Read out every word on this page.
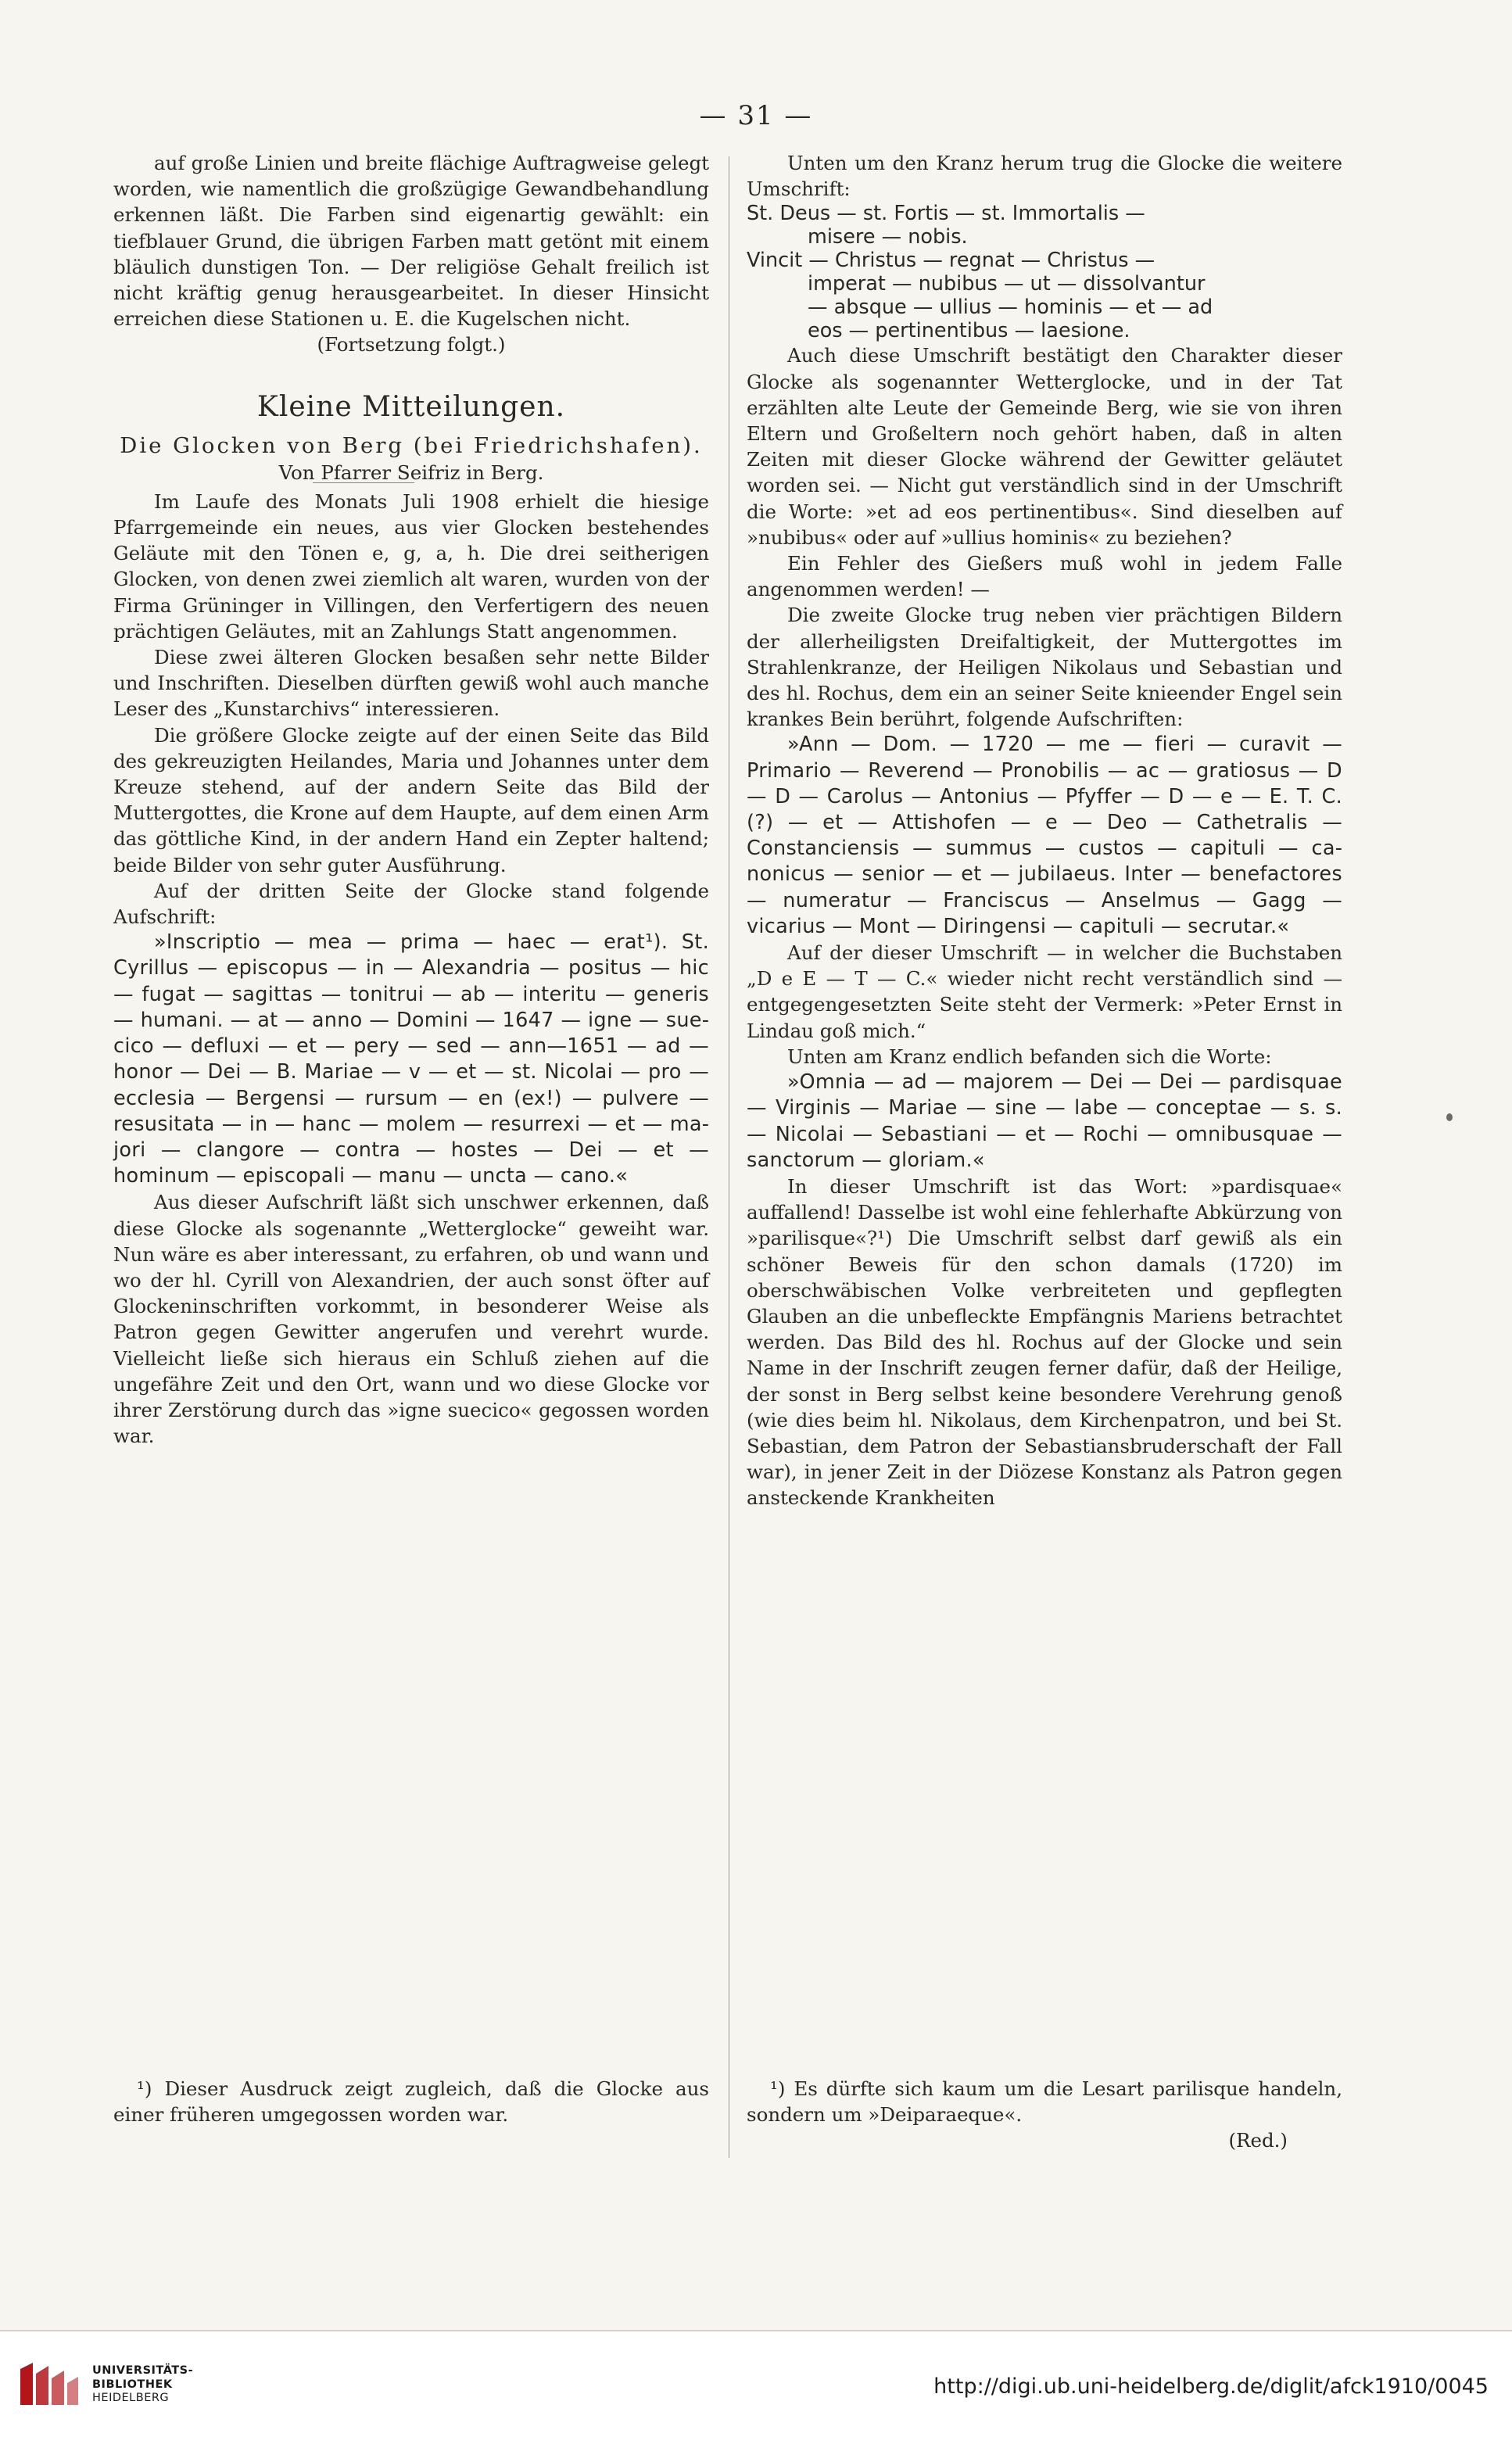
— 31 —

auf große Linien und breite flächige Auftragweise gelegt worden, wie namentlich die großzügige Gewandbehandlung erkennen läßt. Die Farben sind eigenartig gewählt: ein tiefblauer Grund, die übrigen Farben matt getönt mit einem bläulich dunstigen Ton. — Der religiöse Gehalt freilich ist nicht kräftig genug herausgearbeitet. In dieser Hinsicht erreichen diese Stationen u. E. die Kugelschen nicht.

(Fortsetzung folgt.)

Kleine Mitteilungen.

Die Glocken von Berg (bei Friedrichshafen).

Von Pfarrer Seifriz in Berg.

Im Laufe des Monats Juli 1908 erhielt die hiesige Pfarrgemeinde ein neues, aus vier Glocken bestehendes Geläute mit den Tönen e, g, a, h. Die drei seitherigen Glocken, von denen zwei ziemlich alt waren, wurden von der Firma Grüninger in Villingen, den Verfertigern des neuen prächtigen Geläutes, mit an Zahlungs Statt angenommen.

Diese zwei älteren Glocken besaßen sehr nette Bilder und Inschriften. Dieselben dürften gewiß wohl auch manche Leser des „Kunstarchivs“ interessieren.

Die größere Glocke zeigte auf der einen Seite das Bild des gekreuzigten Heilandes, Maria und Johannes unter dem Kreuze stehend, auf der andern Seite das Bild der Muttergottes, die Krone auf dem Haupte, auf dem einen Arm das göttliche Kind, in der andern Hand ein Zepter haltend; beide Bilder von sehr guter Ausführung.

Auf der dritten Seite der Glocke stand folgende Aufschrift:

»Inscriptio — mea — prima — haec — erat¹). St. Cyrillus — episcopus — in — Alexandria — positus — hic — fugat — sagittas — tonitrui — ab — interitu — generis — humani. — at — anno — Domini — 1647 — igne — suecico — defluxi — et — pery — sed — ann—1651 — ad — honor — Dei — B. Mariae — v — et — st. Nicolai — pro — ecclesia — Bergensi — rursum — en (ex!) — pulvere — resusitata — in — hanc — molem — resurrexi — et — majori — clangore — contra — hostes — Dei — et — hominum — episcopali — manu — uncta — cano.«

Aus dieser Aufschrift läßt sich unschwer erkennen, daß diese Glocke als sogenannte „Wetterglocke“ geweiht war. Nun wäre es aber interessant, zu erfahren, ob und wann und wo der hl. Cyrill von Alexandrien, der auch sonst öfter auf Glockeninschriften vorkommt, in besonderer Weise als Patron gegen Gewitter angerufen und verehrt wurde. Vielleicht ließe sich hieraus ein Schluß ziehen auf die ungefähre Zeit und den Ort, wann und wo diese Glocke vor ihrer Zerstörung durch das »igne suecico« gegossen worden war.

¹) Dieser Ausdruck zeigt zugleich, daß die Glocke aus einer früheren umgegossen worden war.

Unten um den Kranz herum trug die Glocke die weitere Umschrift:

St. Deus — st. Fortis — st. Immortalis —
misere — nobis.
Vincit — Christus — regnat — Christus —
imperat — nubibus — ut — dissolvantur
— absque — ullius — hominis — et — ad
eos — pertinentibus — laesione.

Auch diese Umschrift bestätigt den Charakter dieser Glocke als sogenannter Wetterglocke, und in der Tat erzählten alte Leute der Gemeinde Berg, wie sie von ihren Eltern und Großeltern noch gehört haben, daß in alten Zeiten mit dieser Glocke während der Gewitter geläutet worden sei. — Nicht gut verständlich sind in der Umschrift die Worte: »et ad eos pertinentibus«. Sind dieselben auf »nubibus« oder auf »ullius hominis« zu beziehen?

Ein Fehler des Gießers muß wohl in jedem Falle angenommen werden! —

Die zweite Glocke trug neben vier prächtigen Bildern der allerheiligsten Dreifaltigkeit, der Muttergottes im Strahlenkranze, der Heiligen Nikolaus und Sebastian und des hl. Rochus, dem ein an seiner Seite knieender Engel sein krankes Bein berührt, folgende Aufschriften:

»Ann — Dom. — 1720 — me — fieri — curavit — Primario — Reverend — Pronobilis — ac — gratiosus — D — D — Carolus — Antonius — Pfyffer — D — e — E. T. C. (?) — et — Attishofen — e — Deo — Cathetralis — Constanciensis — summus — custos — capituli — canonicus — senior — et — jubilaeus. Inter — benefactores — numeratur — Franciscus — Anselmus — Gagg — vicarius — Mont — Diringensi — capituli — secrutar.«

Auf der dieser Umschrift — in welcher die Buchstaben „D e E — T — C.« wieder nicht recht verständlich sind — entgegengesetzten Seite steht der Vermerk: »Peter Ernst in Lindau goß mich.“

Unten am Kranz endlich befanden sich die Worte:

»Omnia — ad — majorem — Dei — Dei — pardisquae — Virginis — Mariae — sine — labe — conceptae — s. s. — Nicolai — Sebastiani — et — Rochi — omnibusquae — sanctorum — gloriam.«

In dieser Umschrift ist das Wort: »pardisquae« auffallend! Dasselbe ist wohl eine fehlerhafte Abkürzung von »parilisque«?¹) Die Umschrift selbst darf gewiß als ein schöner Beweis für den schon damals (1720) im oberschwäbischen Volke verbreiteten und gepflegten Glauben an die unbefleckte Empfängnis Mariens betrachtet werden. Das Bild des hl. Rochus auf der Glocke und sein Name in der Inschrift zeugen ferner dafür, daß der Heilige, der sonst in Berg selbst keine besondere Verehrung genoß (wie dies beim hl. Nikolaus, dem Kirchenpatron, und bei St. Sebastian, dem Patron der Sebastiansbruderschaft der Fall war), in jener Zeit in der Diözese Konstanz als Patron gegen ansteckende Krankheiten

¹) Es dürfte sich kaum um die Lesart parilisque handeln, sondern um »Deiparaeque«.

(Red.)

UNIVERSITÄTS-
BIBLIOTHEK
HEIDELBERG	http://digi.ub.uni-heidelberg.de/diglit/afck1910/0045
